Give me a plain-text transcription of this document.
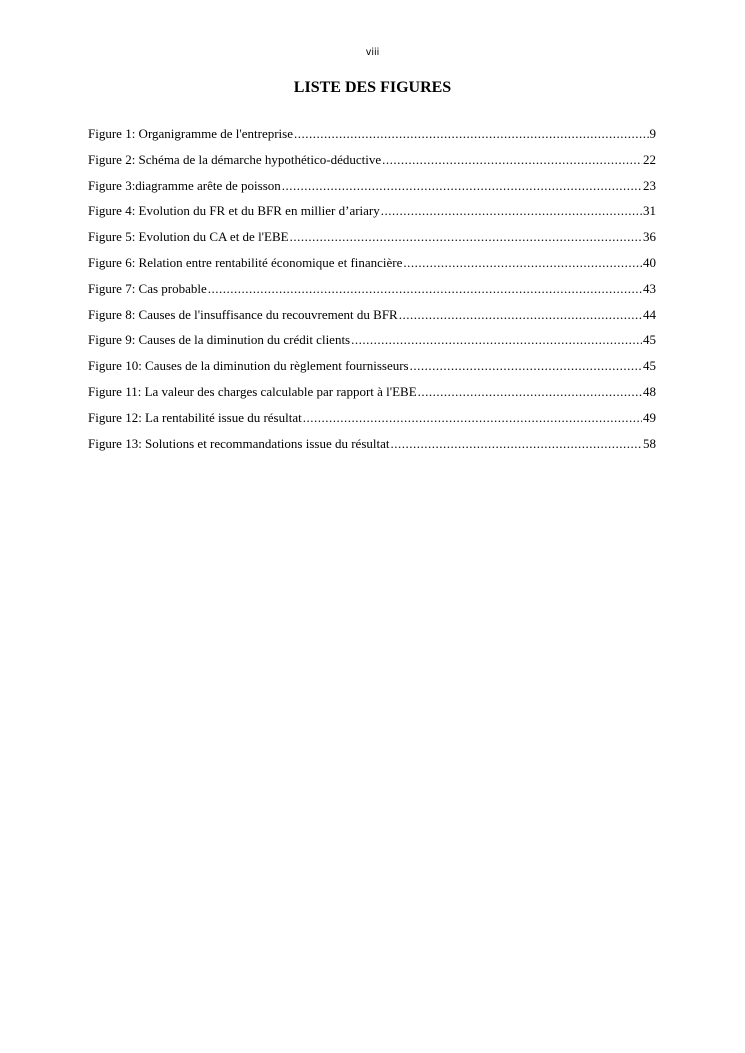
viii
LISTE DES FIGURES
Figure 1: Organigramme de l'entreprise .....	9
Figure 2: Schéma de la démarche hypothético-déductive .....	22
Figure 3:diagramme arête de poisson .....	23
Figure 4: Evolution du FR et du BFR en millier d’ariary .....	31
Figure 5: Evolution du CA et de l'EBE .....	36
Figure 6: Relation entre rentabilité économique et financière .....	40
Figure 7: Cas probable .....	43
Figure 8: Causes de l'insuffisance du recouvrement du BFR .....	44
Figure 9: Causes de la diminution du crédit clients .....	45
Figure 10: Causes de la diminution du règlement fournisseurs .....	45
Figure 11: La valeur des charges calculable par rapport à l'EBE .....	48
Figure 12: La rentabilité issue du résultat .....	49
Figure 13: Solutions et recommandations issue du résultat .....	58
